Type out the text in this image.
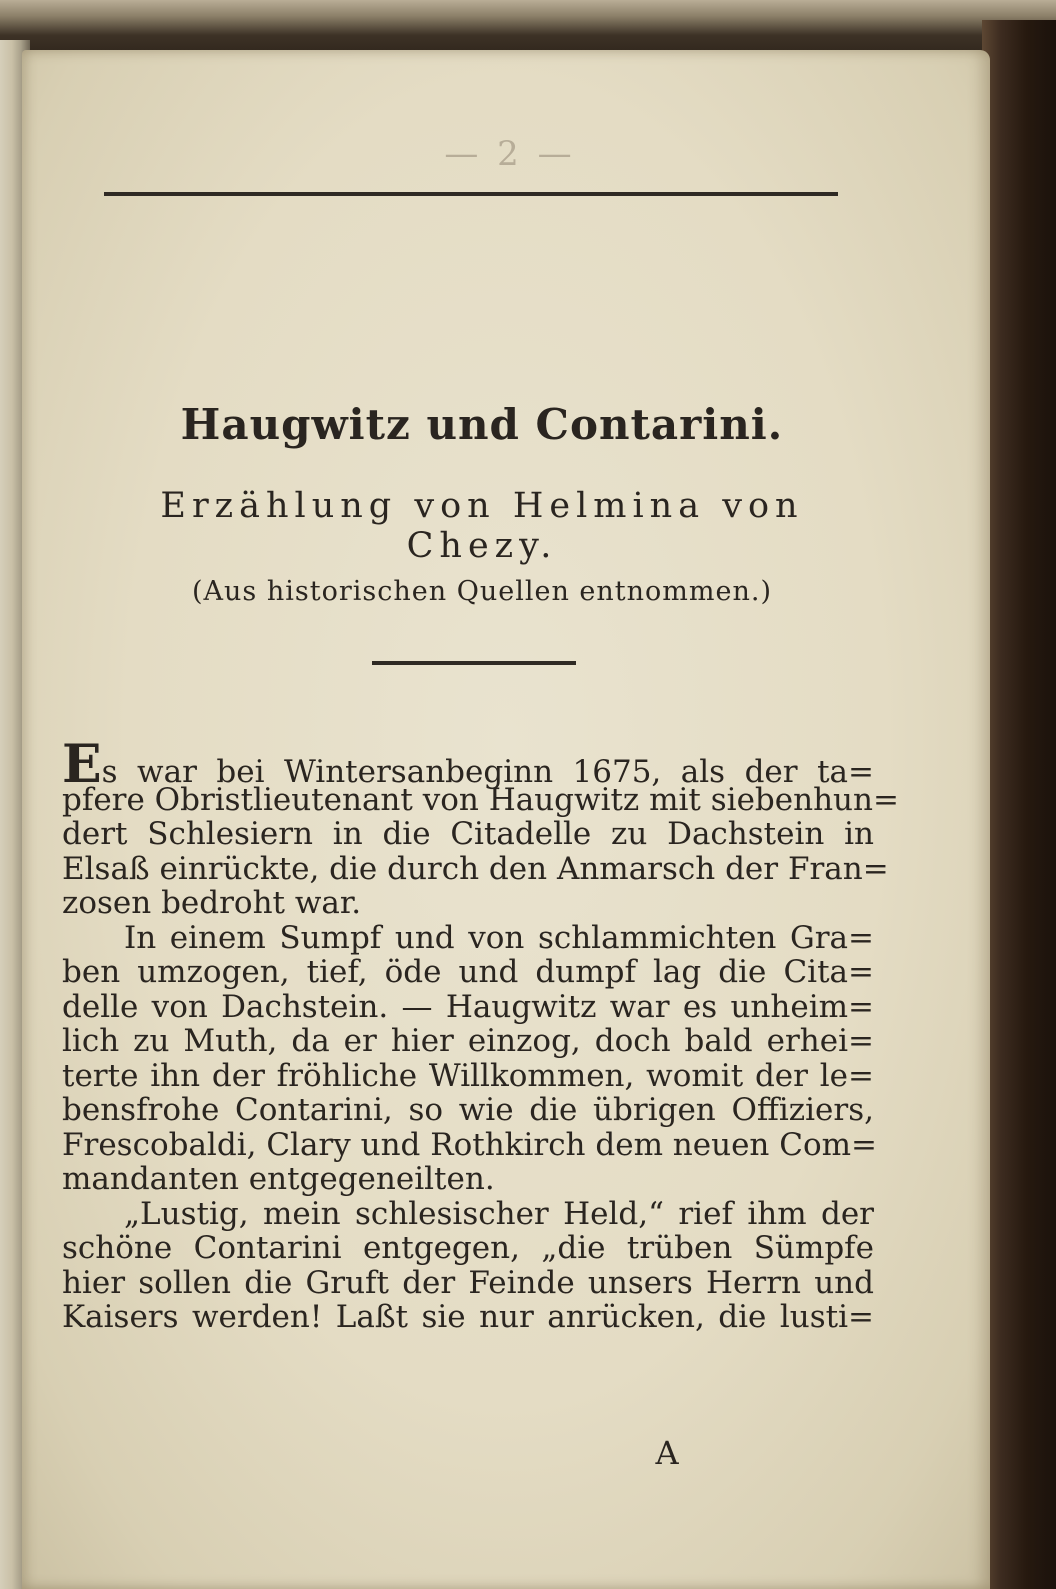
— 2 —
Haugwitz und Contarini.
Erzählung von Helmina von Chezy.
(Aus historischen Quellen entnommen.)
Es war bei Wintersanbeginn 1675, als der ta=
pfere Obristlieutenant von Haugwitz mit siebenhun=
dert Schlesiern in die Citadelle zu Dachstein in
Elsaß einrückte, die durch den Anmarsch der Fran=
zosen bedroht war.
In einem Sumpf und von schlammichten Gra=
ben umzogen, tief, öde und dumpf lag die Cita=
delle von Dachstein. — Haugwitz war es unheim=
lich zu Muth, da er hier einzog, doch bald erhei=
terte ihn der fröhliche Willkommen, womit der le=
bensfrohe Contarini, so wie die übrigen Offiziers,
Frescobaldi, Clary und Rothkirch dem neuen Com=
mandanten entgegeneilten.
„Lustig, mein schlesischer Held,“ rief ihm der
schöne Contarini entgegen, „die trüben Sümpfe
hier sollen die Gruft der Feinde unsers Herrn und
Kaisers werden! Laßt sie nur anrücken, die lusti=
A
